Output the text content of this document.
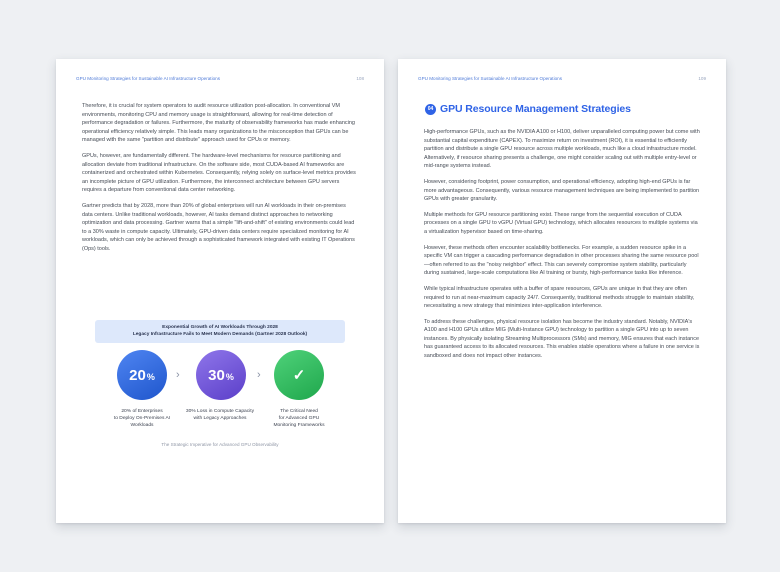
GPU Monitoring Strategies for Sustainable AI Infrastructure Operations	108

Therefore, it is crucial for system operators to audit resource utilization post-allocation. In conventional VM environments, monitoring CPU and memory usage is straightforward, allowing for real-time detection of performance degradation or failures. Furthermore, the maturity of observability frameworks has made enhancing operational efficiency relatively simple. This leads many organizations to the misconception that GPUs can be managed with the same "partition and distribute" approach used for CPUs or memory.

GPUs, however, are fundamentally different. The hardware-level mechanisms for resource partitioning and allocation deviate from traditional infrastructure. On the software side, most CUDA-based AI frameworks are containerized and orchestrated within Kubernetes. Consequently, relying solely on surface-level metrics provides an incomplete picture of GPU utilization. Furthermore, the interconnect architecture between GPU servers requires a departure from conventional data center networking.

Gartner predicts that by 2028, more than 20% of global enterprises will run AI workloads in their on-premises data centers. Unlike traditional workloads, however, AI tasks demand distinct approaches to networking optimization and data processing. Gartner warns that a simple "lift-and-shift" of existing environments could lead to a 30% waste in compute capacity. Ultimately, GPU-driven data centers require specialized monitoring for AI workloads, which can only be achieved through a sophisticated framework integrated with existing IT Operations (Ops) tools.

Exponential Growth of AI Workloads Through 2028
Legacy Infrastructure Fails to Meet Modern Demands (Gartner 2028 Outlook)
20 % › 30 % › ✓
20% of Enterprises
to Deploy On-Premises AI
Workloads
30% Loss in Compute Capacity
with Legacy Approaches
The Critical Need
for Advanced GPU
Monitoring Frameworks
The Strategic Imperative for Advanced GPU Observability
GPU Monitoring Strategies for Sustainable AI Infrastructure Operations	109
04 GPU Resource Management Strategies

High-performance GPUs, such as the NVIDIA A100 or H100, deliver unparalleled computing power but come with substantial capital expenditure (CAPEX). To maximize return on investment (ROI), it is essential to efficiently partition and distribute a single GPU resource across multiple workloads, much like a cloud infrastructure model. Alternatively, if resource sharing presents a challenge, one might consider scaling out with multiple entry-level or mid-range systems instead.

However, considering footprint, power consumption, and operational efficiency, adopting high-end GPUs is far more advantageous. Consequently, various resource management techniques are being implemented to partition GPUs with greater granularity.

Multiple methods for GPU resource partitioning exist. These range from the sequential execution of CUDA processes on a single GPU to vGPU (Virtual GPU) technology, which allocates resources to multiple systems via a virtualization hypervisor based on time-sharing.

However, these methods often encounter scalability bottlenecks. For example, a sudden resource spike in a specific VM can trigger a cascading performance degradation in other processes sharing the same resource pool—often referred to as the "noisy neighbor" effect. This can severely compromise system stability, particularly during sustained, large-scale computations like AI training or bursty, high-performance tasks like inference.

While typical infrastructure operates with a buffer of spare resources, GPUs are unique in that they are often required to run at near-maximum capacity 24/7. Consequently, traditional methods struggle to maintain stability, necessitating a new strategy that minimizes inter-application interference.

To address these challenges, physical resource isolation has become the industry standard. Notably, NVIDIA's A100 and H100 GPUs utilize MIG (Multi-Instance GPU) technology to partition a single GPU into up to seven instances. By physically isolating Streaming Multiprocessors (SMs) and memory, MIG ensures that each instance has guaranteed access to its allocated resources. This enables stable operations where a failure in one service is sandboxed and does not impact other instances.
